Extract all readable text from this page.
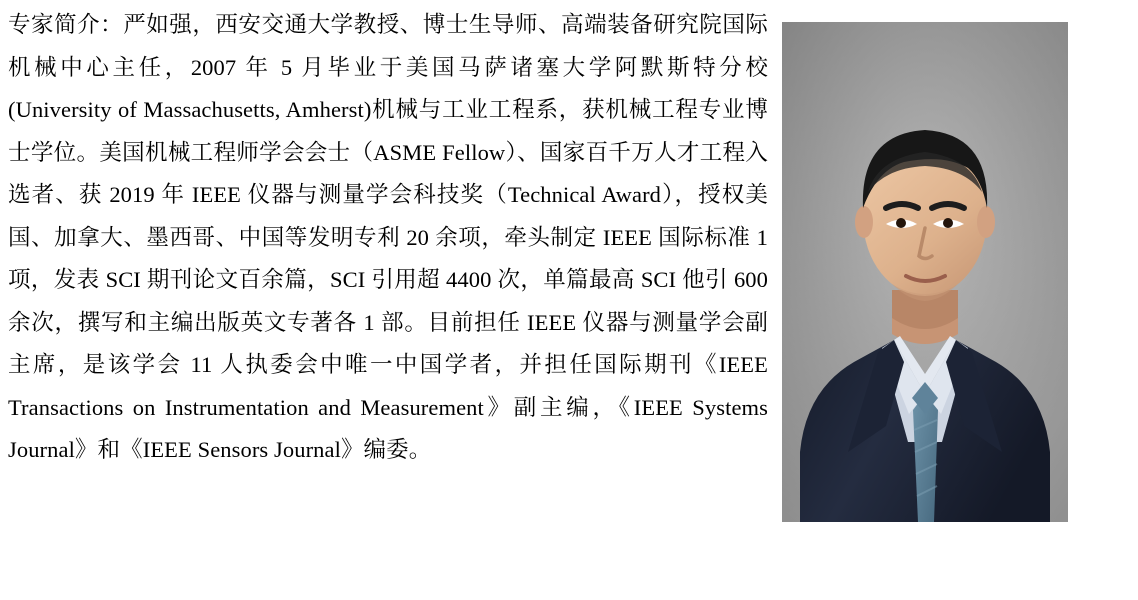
专家简介：严如强，西安交通大学教授、博士生导师、高端装备研究院国际机械中心主任，2007 年 5 月毕业于美国马萨诸塞大学阿默斯特分校(University of Massachusetts, Amherst)机械与工业工程系，获机械工程专业博士学位。美国机械工程师学会会士（ASME Fellow）、国家百千万人才工程入选者、获 2019 年 IEEE 仪器与测量学会科技奖（Technical Award），授权美国、加拿大、墨西哥、中国等发明专利 20 余项，牵头制定 IEEE 国际标准 1 项，发表 SCI 期刊论文百余篇，SCI 引用超 4400 次，单篇最高 SCI 他引 600 余次，撰写和主编出版英文专著各 1 部。目前担任 IEEE 仪器与测量学会副主席，是该学会 11 人执委会中唯一中国学者，并担任国际期刊《IEEE Transactions on Instrumentation and Measurement》副主编，《IEEE Systems Journal》和《IEEE Sensors Journal》编委。
